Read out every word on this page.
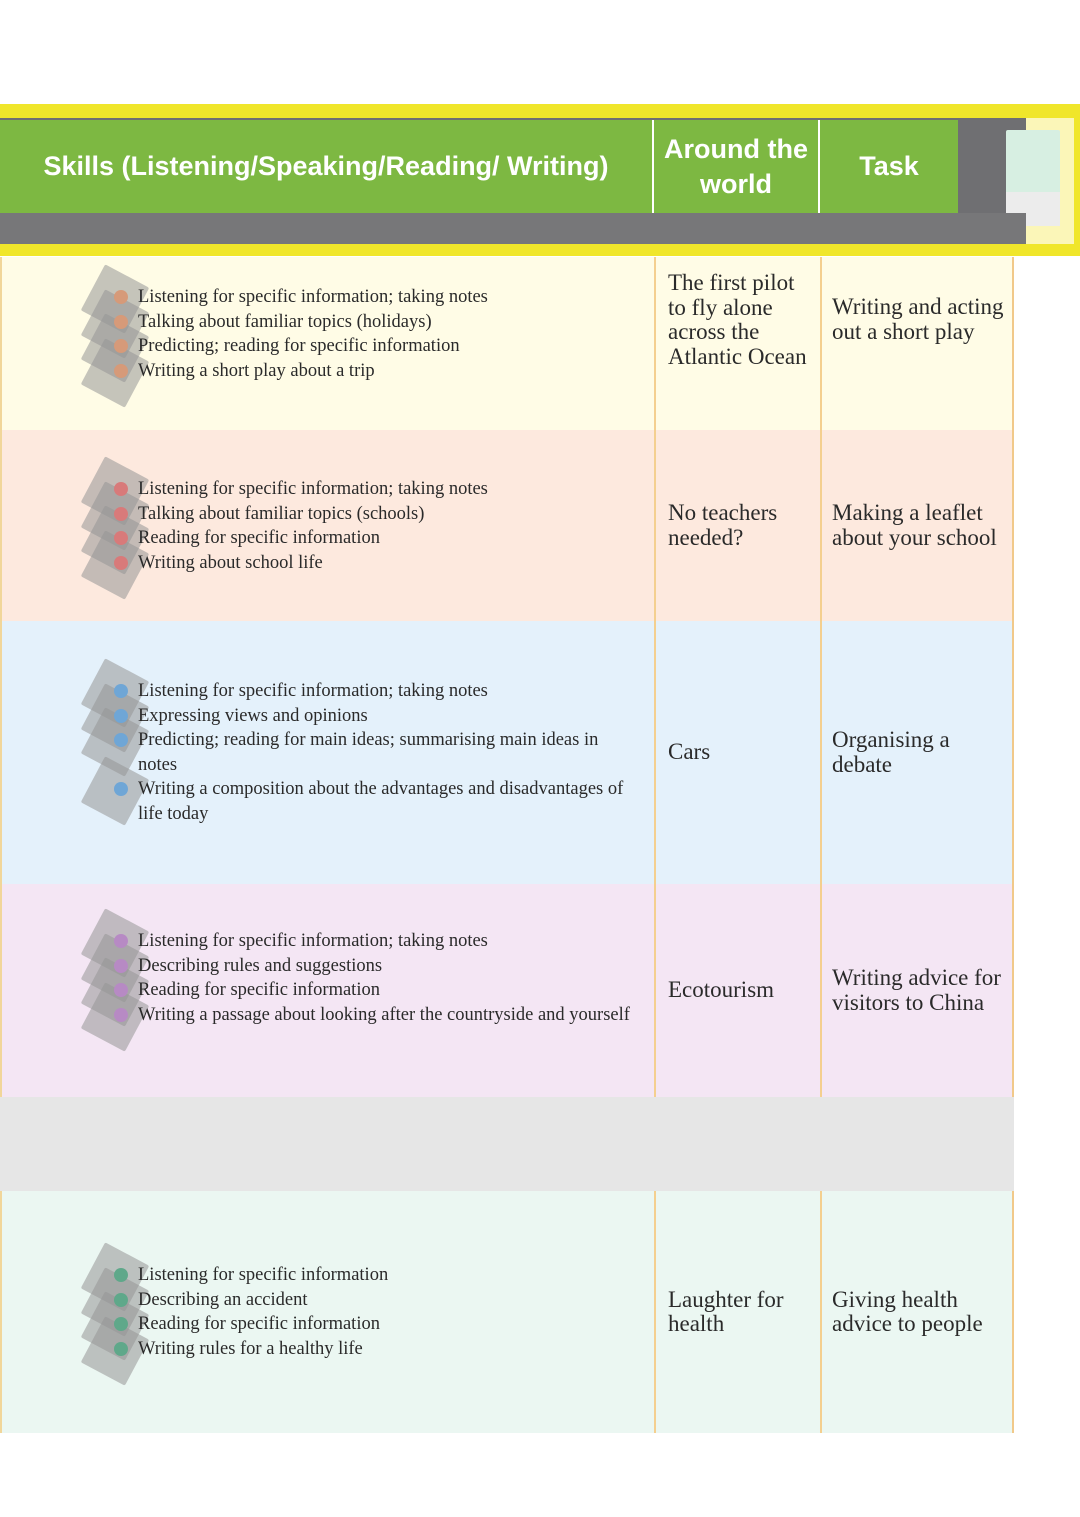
Skills (Listening/Speaking/Reading/ Writing)
Around the world
Task
Listening for specific information; taking notes
Talking about familiar topics (holidays)
Predicting; reading for specific information
Writing a short play about a trip
The first pilot to fly alone across the Atlantic Ocean
Writing and acting out a short play
Listening for specific information; taking notes
Talking about familiar topics (schools)
Reading for specific information
Writing about school life
No teachers needed?
Making a leaflet about your school
Listening for specific information; taking notes
Expressing views and opinions
Predicting; reading for main ideas; summarising main ideas in notes
Writing a composition about the advantages and disadvantages of life today
Cars	Organising a debate
Listening for specific information; taking notes
Describing rules and suggestions
Reading for specific information
Writing a passage about looking after the countryside and yourself
Ecotourism	Writing advice for visitors to China
Listening for specific information
Describing an accident
Reading for specific information
Writing rules for a healthy life
Laughter for health
Giving health advice to people
